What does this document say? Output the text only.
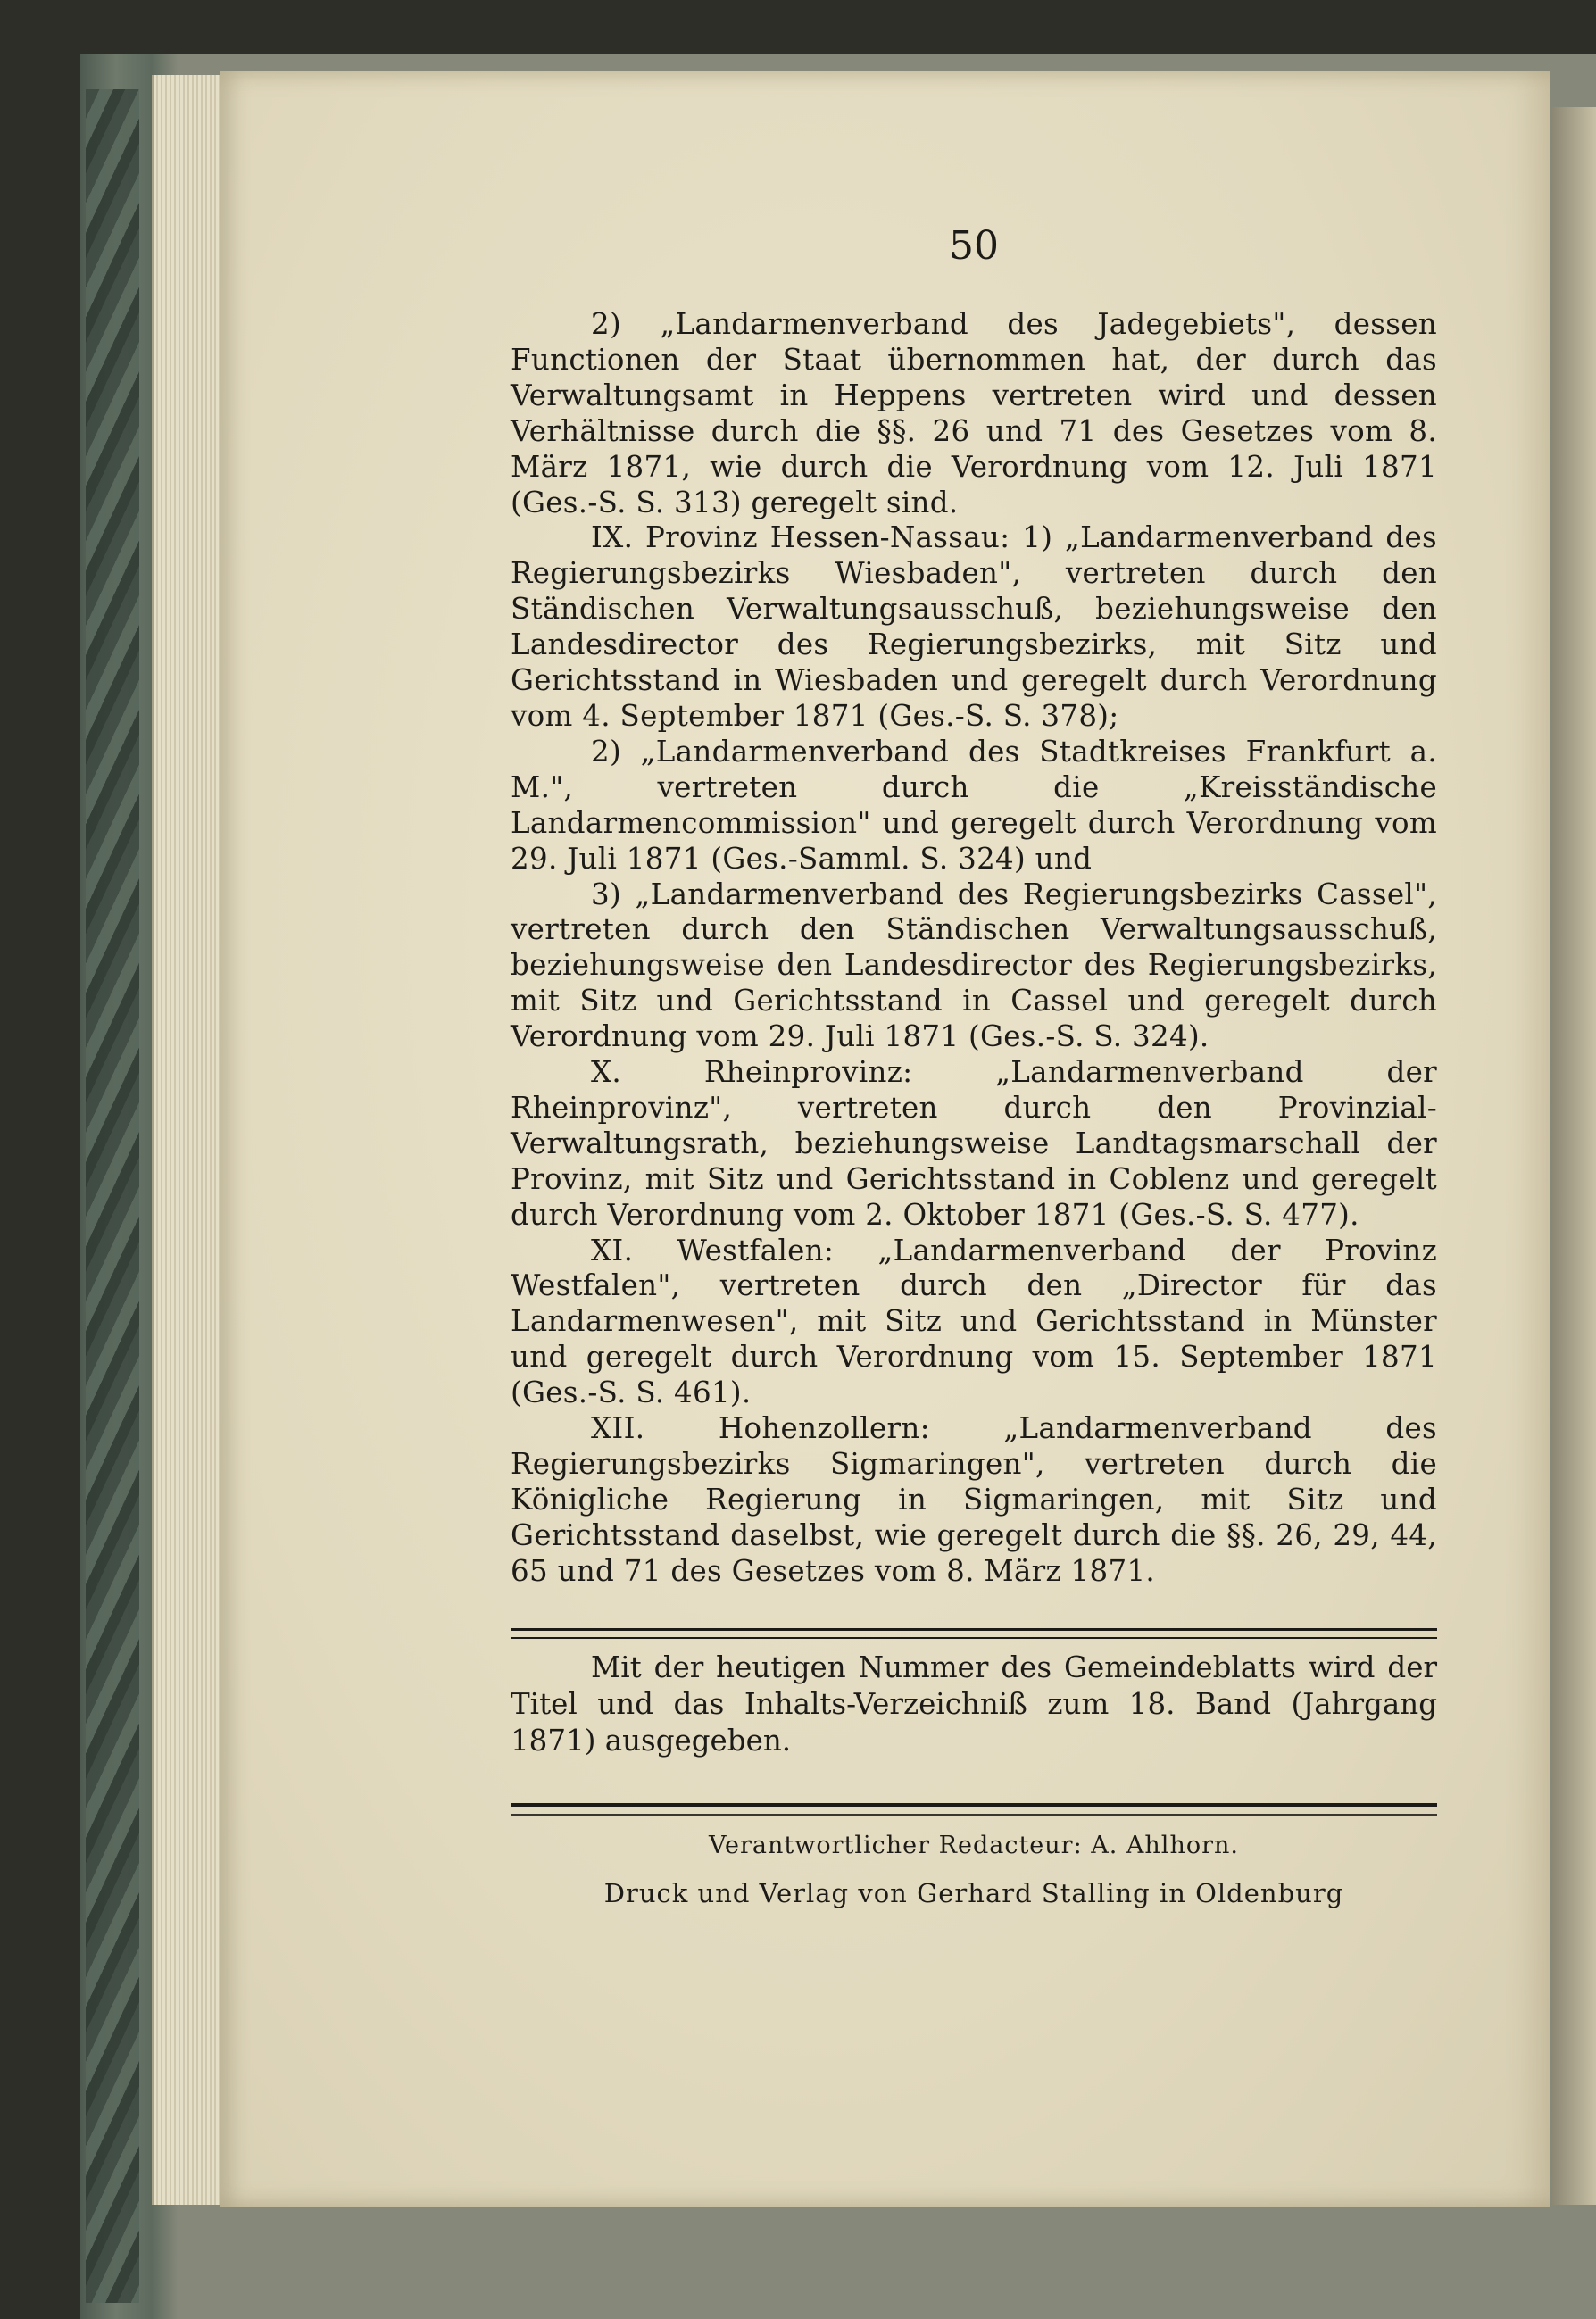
50

2) „Landarmenverband des Jadegebiets", dessen Functionen der Staat übernommen hat, der durch das Verwaltungsamt in Heppens vertreten wird und dessen Verhältnisse durch die §§. 26 und 71 des Gesetzes vom 8. März 1871, wie durch die Verordnung vom 12. Juli 1871 (Ges.-S. S. 313) geregelt sind.

IX. Provinz Hessen-Nassau: 1) „Landarmenverband des Regierungsbezirks Wiesbaden", vertreten durch den Ständischen Verwaltungsausschuß, beziehungsweise den Landesdirector des Regierungsbezirks, mit Sitz und Gerichtsstand in Wiesbaden und geregelt durch Verordnung vom 4. September 1871 (Ges.-S. S. 378);

2) „Landarmenverband des Stadtkreises Frankfurt a. M.", vertreten durch die „Kreisständische Landarmencommission" und geregelt durch Verordnung vom 29. Juli 1871 (Ges.-Samml. S. 324) und

3) „Landarmenverband des Regierungsbezirks Cassel", vertreten durch den Ständischen Verwaltungsausschuß, beziehungsweise den Landesdirector des Regierungsbezirks, mit Sitz und Gerichtsstand in Cassel und geregelt durch Verordnung vom 29. Juli 1871 (Ges.-S. S. 324).

X. Rheinprovinz: „Landarmenverband der Rheinprovinz", vertreten durch den Provinzial-Verwaltungsrath, beziehungsweise Landtagsmarschall der Provinz, mit Sitz und Gerichtsstand in Coblenz und geregelt durch Verordnung vom 2. Oktober 1871 (Ges.-S. S. 477).

XI. Westfalen: „Landarmenverband der Provinz Westfalen", vertreten durch den „Director für das Landarmenwesen", mit Sitz und Gerichtsstand in Münster und geregelt durch Verordnung vom 15. September 1871 (Ges.-S. S. 461).

XII. Hohenzollern: „Landarmenverband des Regierungsbezirks Sigmaringen", vertreten durch die Königliche Regierung in Sigmaringen, mit Sitz und Gerichtsstand daselbst, wie geregelt durch die §§. 26, 29, 44, 65 und 71 des Gesetzes vom 8. März 1871.

Mit der heutigen Nummer des Gemeindeblatts wird der Titel und das Inhalts-Verzeichniß zum 18. Band (Jahrgang 1871) ausgegeben.

Verantwortlicher Redacteur: A. Ahlhorn.
Druck und Verlag von Gerhard Stalling in Oldenburg
